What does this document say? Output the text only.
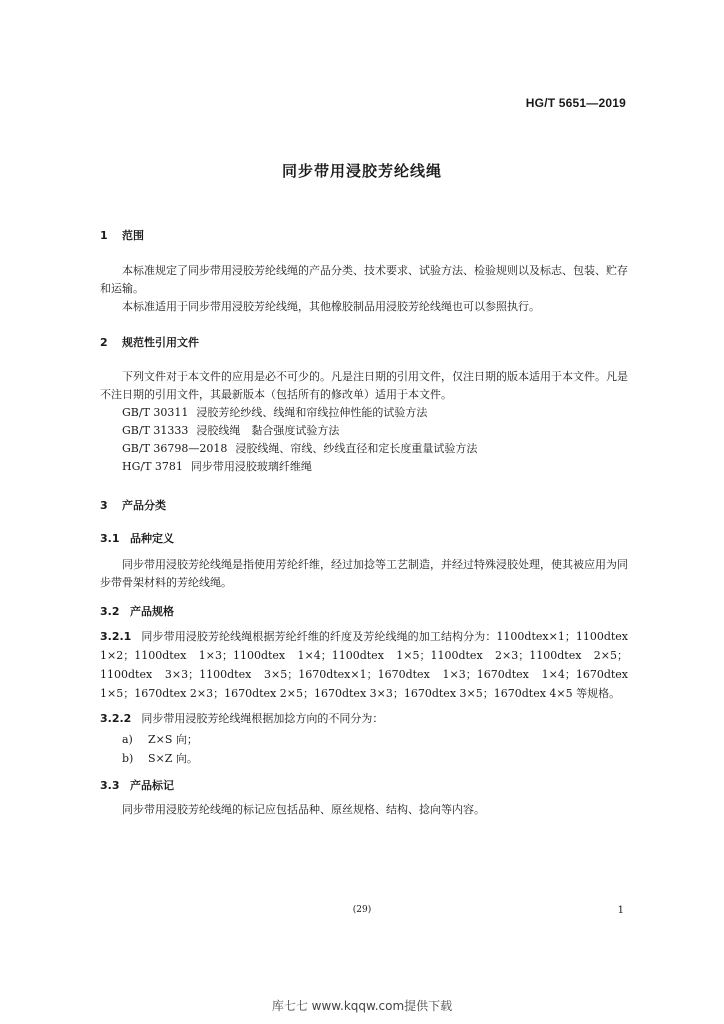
HG/T 5651—2019
同步带用浸胶芳纶线绳
1 范围
本标准规定了同步带用浸胶芳纶线绳的产品分类、技术要求、试验方法、检验规则以及标志、包装、贮存和运输。
本标准适用于同步带用浸胶芳纶线绳，其他橡胶制品用浸胶芳纶线绳也可以参照执行。
2 规范性引用文件
下列文件对于本文件的应用是必不可少的。凡是注日期的引用文件，仅注日期的版本适用于本文件。凡是不注日期的引用文件，其最新版本（包括所有的修改单）适用于本文件。
GB/T 30311 浸胶芳纶纱线、线绳和帘线拉伸性能的试验方法
GB/T 31333 浸胶线绳　黏合强度试验方法
GB/T 36798—2018 浸胶线绳、帘线、纱线直径和定长度重量试验方法
HG/T 3781 同步带用浸胶玻璃纤维绳
3 产品分类
3.1 品种定义
同步带用浸胶芳纶线绳是指使用芳纶纤维，经过加捻等工艺制造，并经过特殊浸胶处理，使其被应用为同步带骨架材料的芳纶线绳。
3.2 产品规格
3.2.1 同步带用浸胶芳纶线绳根据芳纶纤维的纤度及芳纶线绳的加工结构分为：1100dtex×1；1100dtex 1×2；1100dtex 1×3；1100dtex 1×4；1100dtex 1×5；1100dtex 2×3；1100dtex 2×5；1100dtex 3×3；1100dtex 3×5；1670dtex×1；1670dtex 1×3；1670dtex 1×4；1670dtex 1×5；1670dtex 2×3；1670dtex 2×5；1670dtex 3×3；1670dtex 3×5；1670dtex 4×5 等规格。
3.2.2 同步带用浸胶芳纶线绳根据加捻方向的不同分为：
a) Z×S 向；
b) S×Z 向。
3.3 产品标记
同步带用浸胶芳纶线绳的标记应包括品种、原丝规格、结构、捻向等内容。
(29)	1
库七七 www.kqqw.com提供下载
